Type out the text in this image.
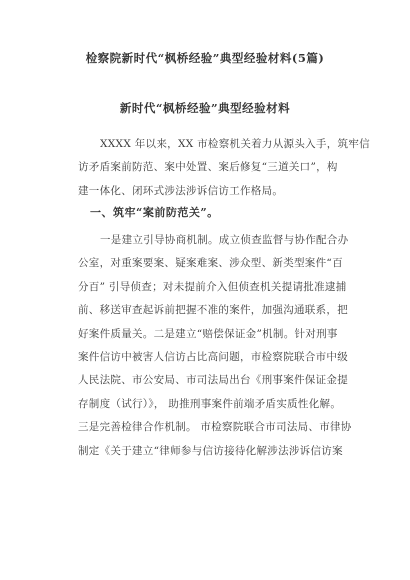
检察院新时代“枫桥经验”典型经验材料(5篇)
新时代“枫桥经验”典型经验材料
XXXX 年以来，XX 市检察机关着力从源头入手，筑牢信
访矛盾案前防范、案中处置、案后修复“三道关口”，构
建一体化、闭环式涉法涉诉信访工作格局。
一、筑牢“案前防范关”。
一是建立引导协商机制。成立侦查监督与协作配合办
公室，对重案要案、疑案难案、涉众型、新类型案件“百
分百” 引导侦查；对未提前介入但侦查机关提请批准逮捕
前、移送审查起诉前把握不准的案件，加强沟通联系，把
好案件质量关。二是建立“赔偿保证金”机制。针对刑事
案件信访中被害人信访占比高问题，市检察院联合市中级
人民法院、市公安局、市司法局出台《刑事案件保证金提
存制度（试行）》， 助推刑事案件前端矛盾实质性化解。
三是完善检律合作机制。 市检察院联合市司法局、市律协
制定《关于建立“律师参与信访接待化解涉法涉诉信访案
